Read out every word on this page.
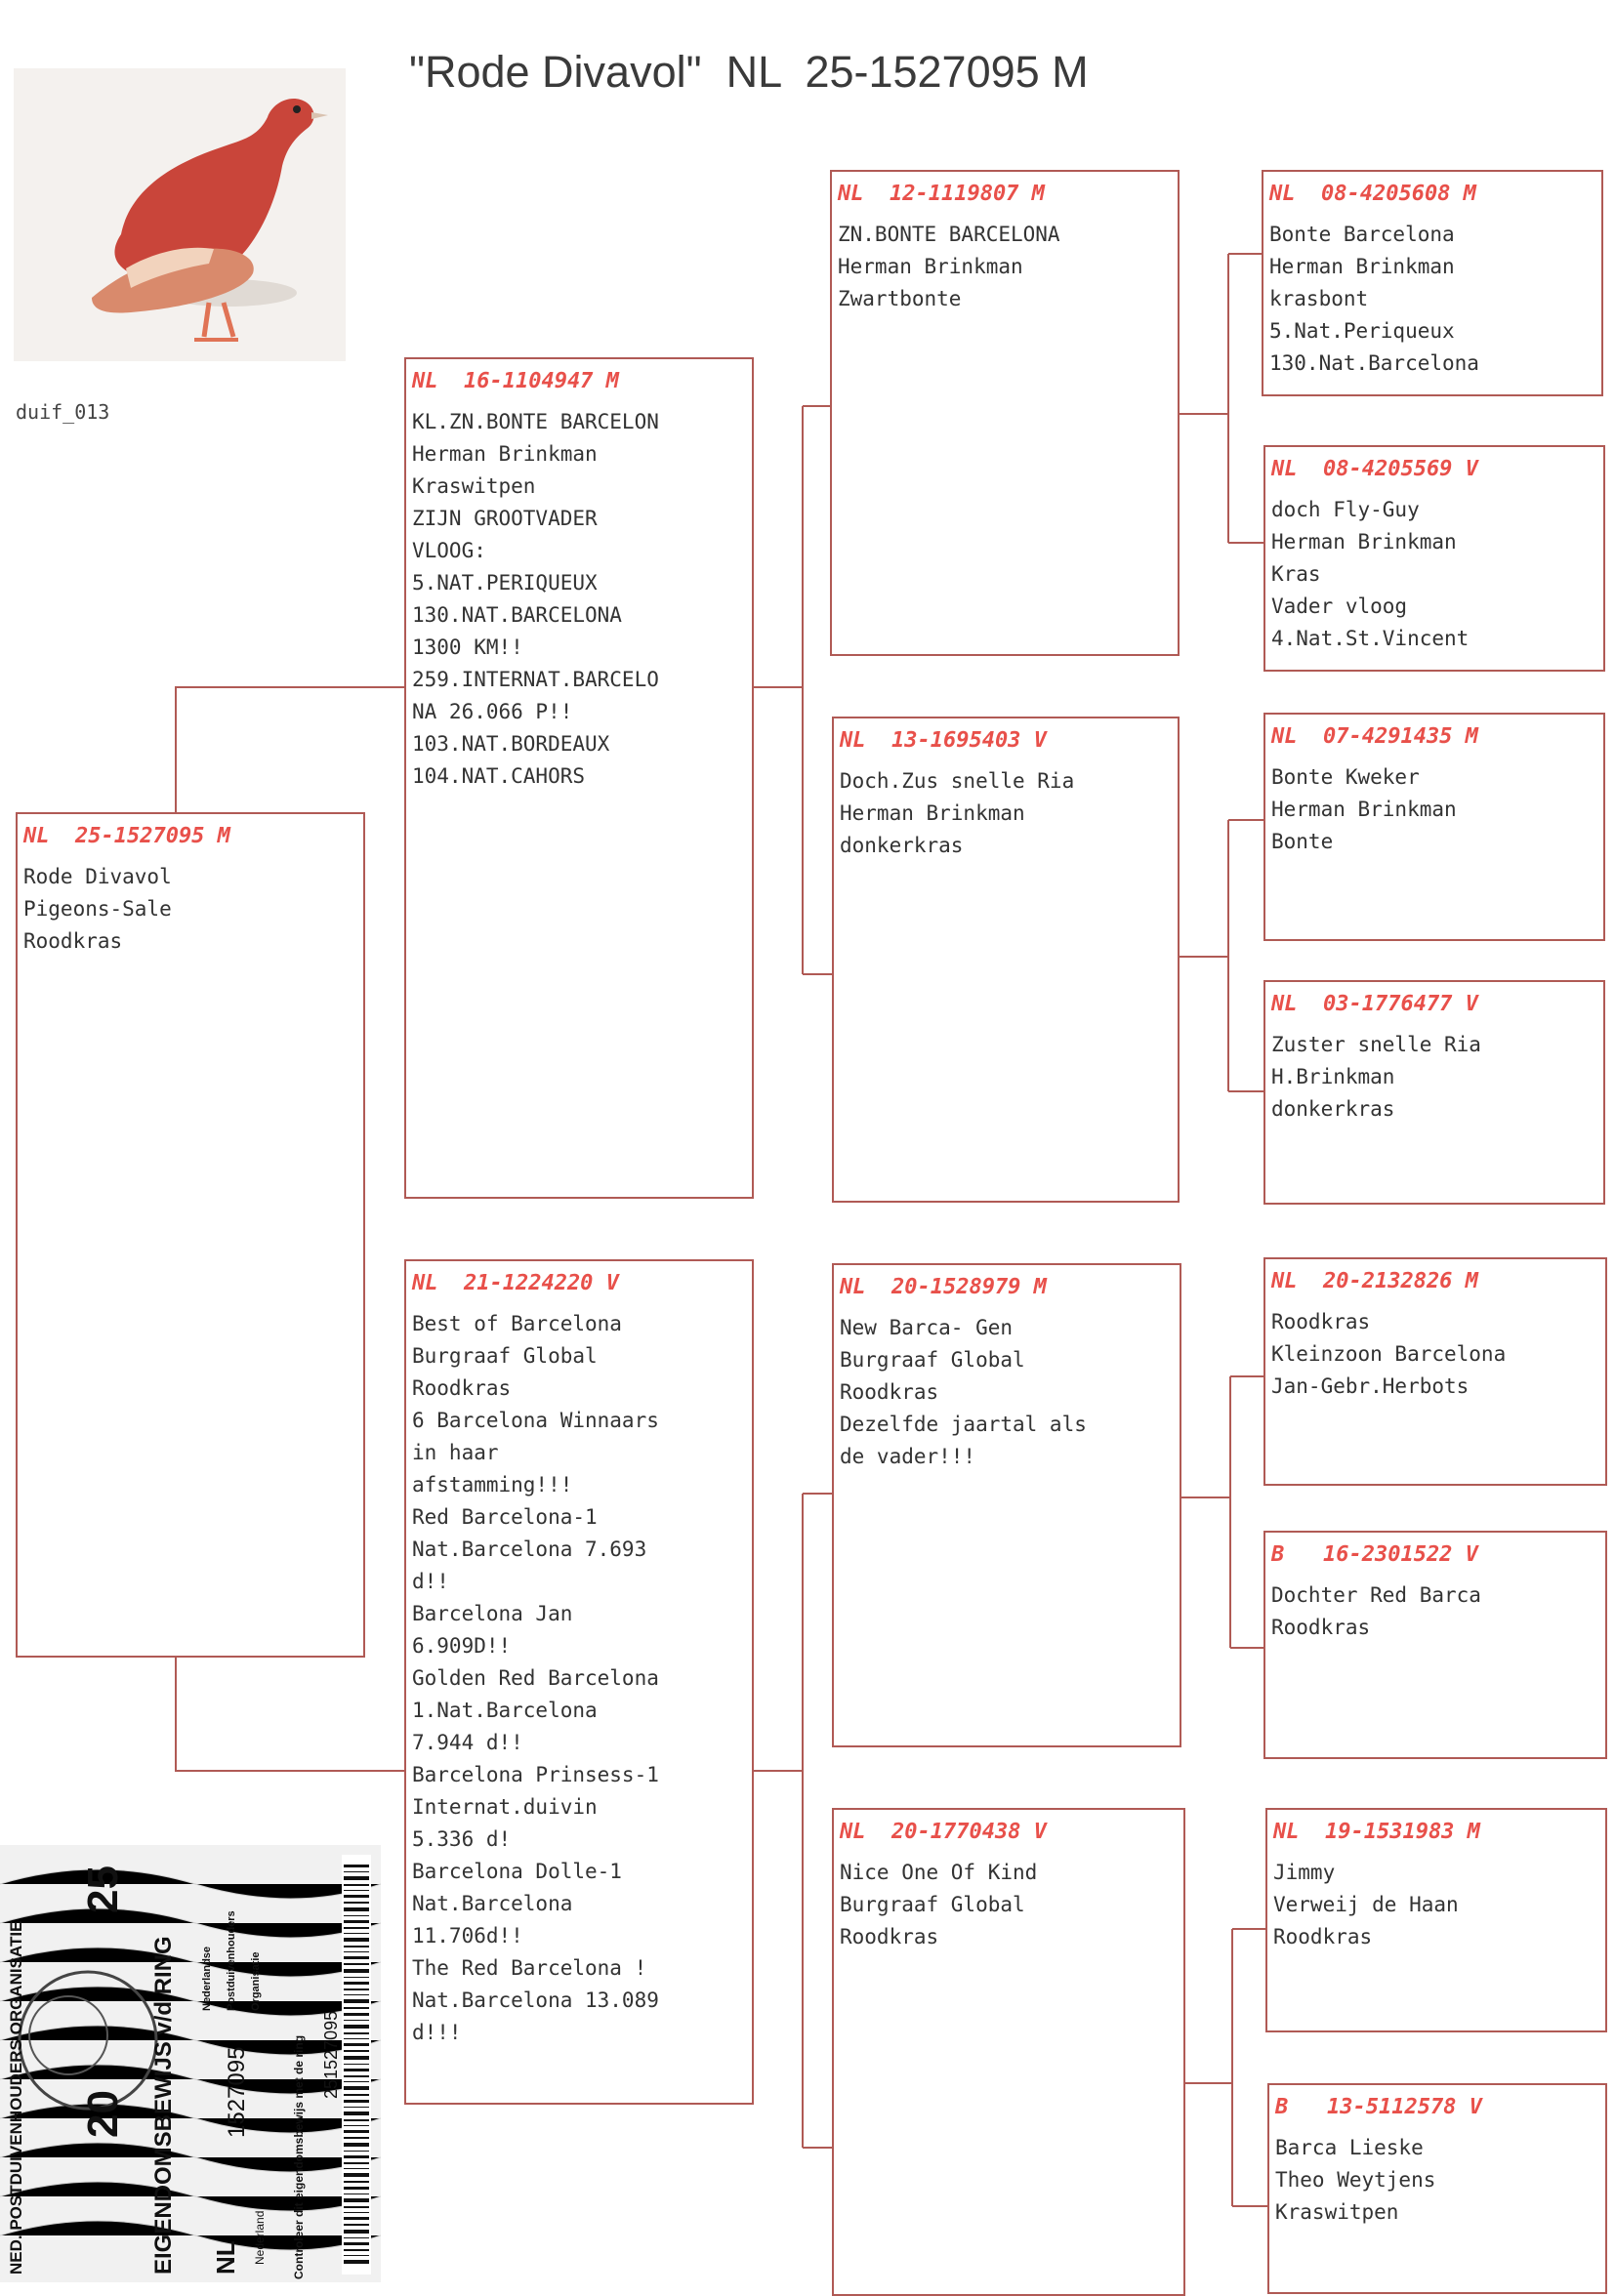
"Rode Divavol"  NL  25-1527095 M
duif_013
NL  25-1527095 M
Rode Divavol
Pigeons-Sale
Roodkras
NL  16-1104947 M
KL.ZN.BONTE BARCELON
Herman Brinkman
Kraswitpen
ZIJN GROOTVADER
VLOOG:
5.NAT.PERIQUEUX
130.NAT.BARCELONA
1300 KM!!
259.INTERNAT.BARCELO
NA 26.066 P!!
103.NAT.BORDEAUX
104.NAT.CAHORS
NL  21-1224220 V
Best of Barcelona
Burgraaf Global
Roodkras
6 Barcelona Winnaars
in haar
afstamming!!!
Red Barcelona-1
Nat.Barcelona 7.693
d!!
Barcelona Jan
6.909D!!
Golden Red Barcelona
1.Nat.Barcelona
7.944 d!!
Barcelona Prinsess-1
Internat.duivin
5.336 d!
Barcelona Dolle-1
Nat.Barcelona
11.706d!!
The Red Barcelona !
Nat.Barcelona 13.089
d!!!
NL  12-1119807 M
ZN.BONTE BARCELONA
Herman Brinkman
Zwartbonte
NL  13-1695403 V
Doch.Zus snelle Ria
Herman Brinkman
donkerkras
NL  20-1528979 M
New Barca- Gen
Burgraaf Global
Roodkras
Dezelfde jaartal als
de vader!!!
NL  20-1770438 V
Nice One Of Kind
Burgraaf Global
Roodkras
NL  08-4205608 M
Bonte Barcelona
Herman Brinkman
krasbont
5.Nat.Periqueux
130.Nat.Barcelona
NL  08-4205569 V
doch Fly-Guy
Herman Brinkman
Kras
Vader vloog
4.Nat.St.Vincent
NL  07-4291435 M
Bonte Kweker
Herman Brinkman
Bonte
NL  03-1776477 V
Zuster snelle Ria
H.Brinkman
donkerkras
NL  20-2132826 M
Roodkras
Kleinzoon Barcelona
Jan-Gebr.Herbots
B   16-2301522 V
Dochter Red Barca
Roodkras
NL  19-1531983 M
Jimmy
Verweij de Haan
Roodkras
B   13-5112578 V
Barca Lieske
Theo Weytjens
Kraswitpen
NED. POSTDUIVENHOUDERS ORGANISATIE
25
20 EIGENDOMSBEWIJS v/d RING Nederlandse Postduivenhouders Organisatie
1527095
Nederland
NL	Controleer dit eigendomsbewijs met de ring 251527095
